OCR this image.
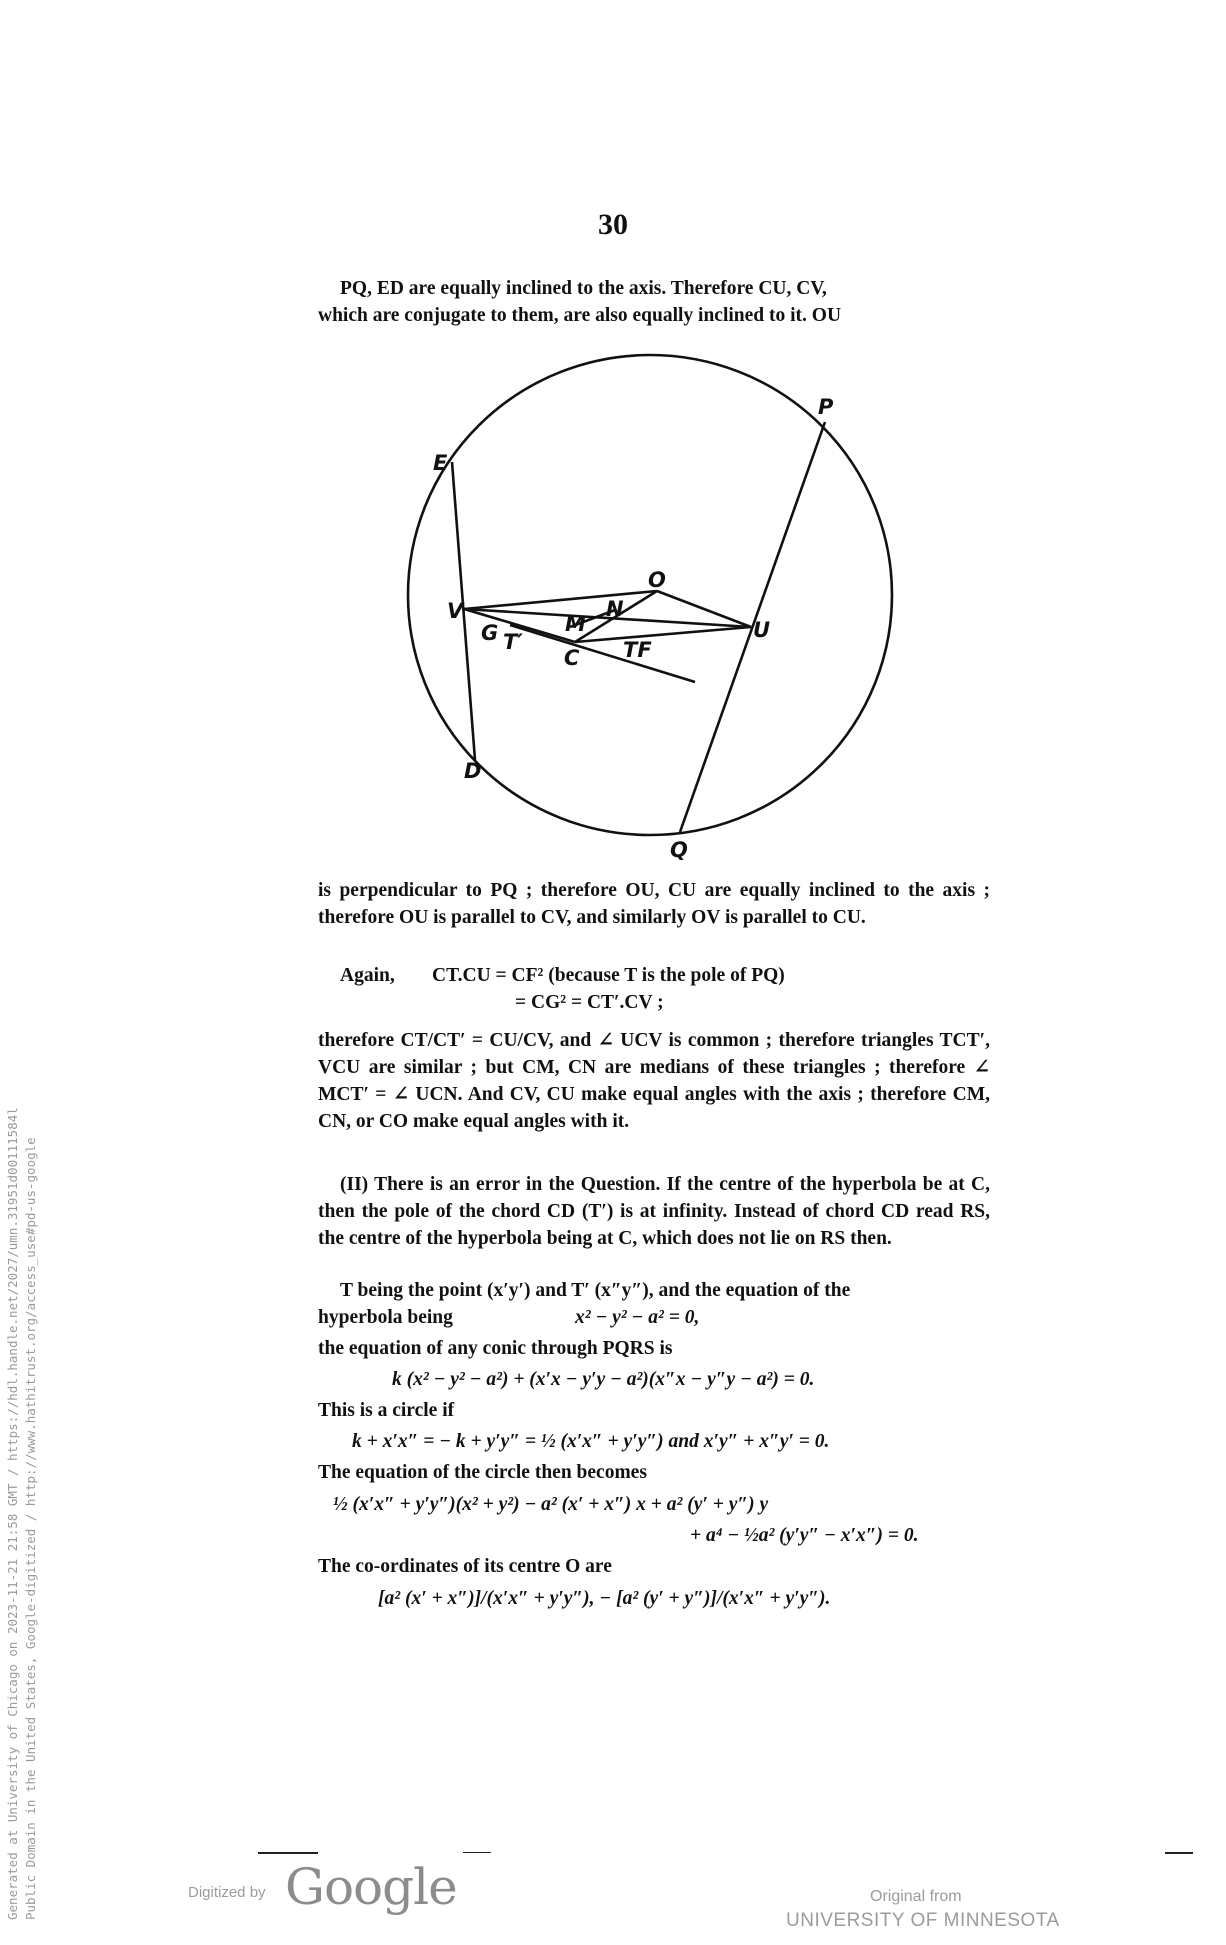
30

PQ, ED are equally inclined to the axis. Therefore CU, CV,

which are conjugate to them, are also equally inclined to it. OU

P
E
O
V	N
M
G T′
C TF
U
D
Q

is perpendicular to PQ ; therefore OU, CU are equally inclined to the axis ; therefore OU is parallel to CV, and similarly OV is parallel to CU.

Again, CT.CU = CF² (because T is the pole of PQ)
= CG² = CT′.CV ;

therefore CT/CT′ = CU/CV, and ∠ UCV is common ; therefore triangles TCT′, VCU are similar ; but CM, CN are medians of these triangles ; therefore ∠ MCT′ = ∠ UCN. And CV, CU make equal angles with the axis ; therefore CM, CN, or CO make equal angles with it.

(II) There is an error in the Question. If the centre of the hyperbola be at C, then the pole of the chord CD (T′) is at infinity. Instead of chord CD read RS, the centre of the hyperbola being at C, which does not lie on RS then.

T being the point (x′y′) and T′ (x″y″), and the equation of the

hyperbola being	x² − y² − a² = 0,
the equation of any conic through PQRS is
k (x² − y² − a²) + (x′x − y′y − a²)(x″x − y″y − a²) = 0.
This is a circle if
k + x′x″ = − k + y′y″ = ½ (x′x″ + y′y″) and x′y″ + x″y′ = 0.
The equation of the circle then becomes
½ (x′x″ + y′y″)(x² + y²) − a² (x′ + x″) x + a² (y′ + y″) y
+ a⁴ − ½a² (y′y″ − x′x″) = 0.
The co-ordinates of its centre O are
[a² (x′ + x″)]/(x′x″ + y′y″), − [a² (y′ + y″)]/(x′x″ + y′y″).
Generated at University of Chicago on 2023-11-21 21:58 GMT / https://hdl.handle.net/2027/umn.31951d00111584l Public Domain in the United States, Google-digitized / http://www.hathitrust.org/access_use#pd-us-google	Digitized by Google	Original from
UNIVERSITY OF MINNESOTA
